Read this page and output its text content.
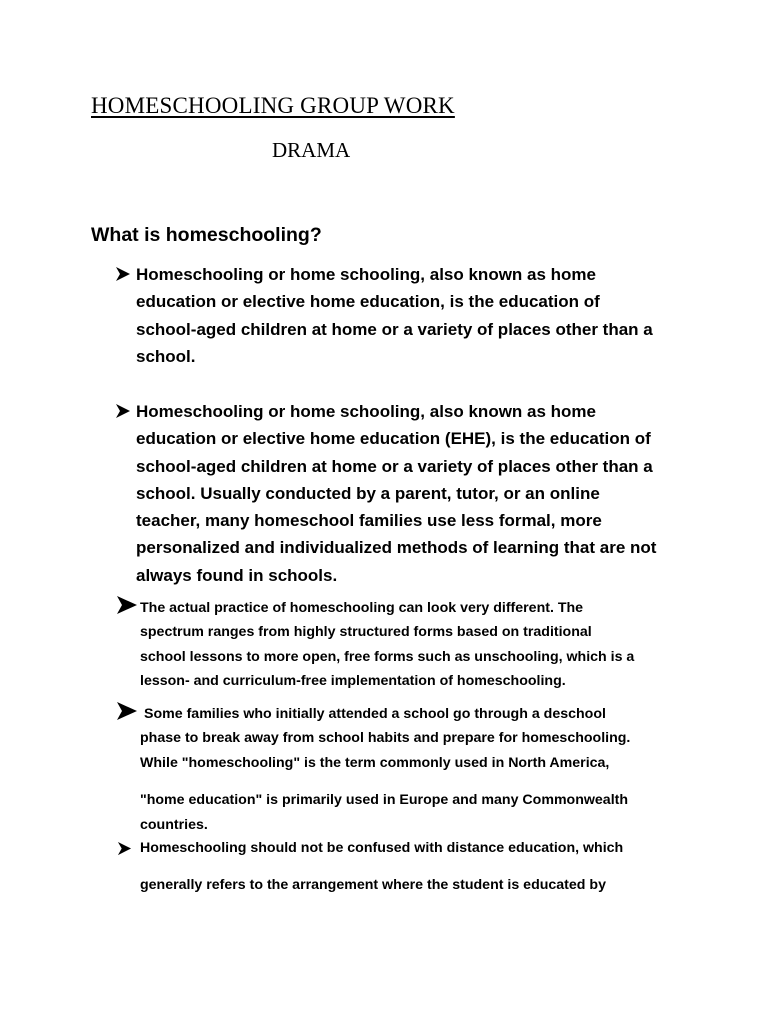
HOMESCHOOLING GROUP WORK
DRAMA
What is homeschooling?
Homeschooling or home schooling, also known as home
education or elective home education, is the education of
school-aged children at home or a variety of places other than a
school.
Homeschooling or home schooling, also known as home
education or elective home education (EHE), is the education of
school-aged children at home or a variety of places other than a
school. Usually conducted by a parent, tutor, or an online
teacher, many homeschool families use less formal, more
personalized and individualized methods of learning that are not
always found in schools.
The actual practice of homeschooling can look very different. The
spectrum ranges from highly structured forms based on traditional
school lessons to more open, free forms such as unschooling, which is a
lesson- and curriculum-free implementation of homeschooling.
Some families who initially attended a school go through a deschool
phase to break away from school habits and prepare for homeschooling.
While "homeschooling" is the term commonly used in North America,
"home education" is primarily used in Europe and many Commonwealth
countries.
Homeschooling should not be confused with distance education, which
generally refers to the arrangement where the student is educated by
